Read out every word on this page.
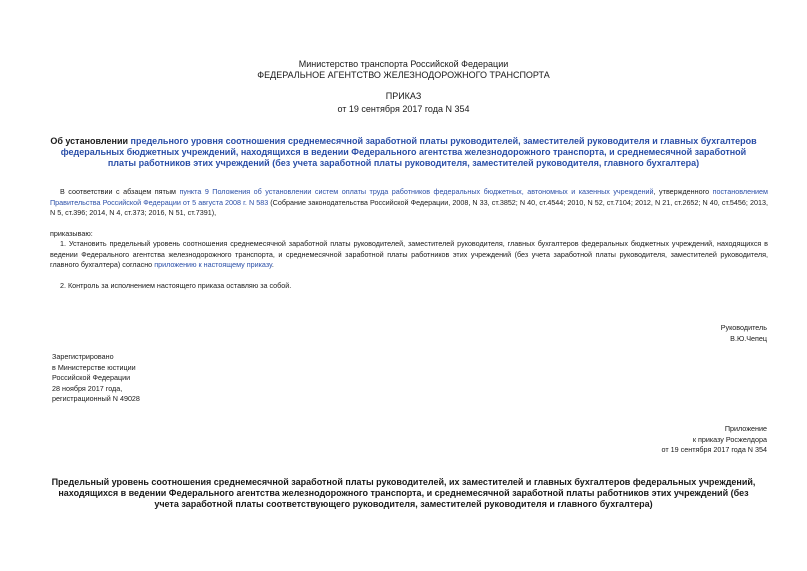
Министерство транспорта Российской Федерации
ФЕДЕРАЛЬНОЕ АГЕНТСТВО ЖЕЛЕЗНОДОРОЖНОГО ТРАНСПОРТА
ПРИКАЗ
от 19 сентября 2017 года N 354
Об установлении предельного уровня соотношения среднемесячной заработной платы руководителей, заместителей руководителя и главных бухгалтеров федеральных бюджетных учреждений, находящихся в ведении Федерального агентства железнодорожного транспорта, и среднемесячной заработной платы работников этих учреждений (без учета заработной платы руководителя, заместителей руководителя, главного бухгалтера)
В соответствии с абзацем пятым пункта 9 Положения об установлении систем оплаты труда работников федеральных бюджетных, автономных и казенных учреждений, утвержденного постановлением Правительства Российской Федерации от 5 августа 2008 г. N 583 (Собрание законодательства Российской Федерации, 2008, N 33, ст.3852; N 40, ст.4544; 2010, N 52, ст.7104; 2012, N 21, ст.2652; N 40, ст.5456; 2013, N 5, ст.396; 2014, N 4, ст.373; 2016, N 51, ст.7391),
приказываю:
1. Установить предельный уровень соотношения среднемесячной заработной платы руководителей, заместителей руководителя, главных бухгалтеров федеральных бюджетных учреждений, находящихся в ведении Федерального агентства железнодорожного транспорта, и среднемесячной заработной платы работников этих учреждений (без учета заработной платы руководителя, заместителей руководителя, главного бухгалтера) согласно приложению к настоящему приказу.
2. Контроль за исполнением настоящего приказа оставляю за собой.
Руководитель
В.Ю.Чепец
Зарегистрировано
в Министерстве юстиции
Российской Федерации
28 ноября 2017 года,
регистрационный N 49028
Приложение
к приказу Росжелдора
от 19 сентября 2017 года N 354
Предельный уровень соотношения среднемесячной заработной платы руководителей, их заместителей и главных бухгалтеров федеральных учреждений, находящихся в ведении Федерального агентства железнодорожного транспорта, и среднемесячной заработной платы работников этих учреждений (без учета заработной платы соответствующего руководителя, заместителей руководителя и главного бухгалтера)
